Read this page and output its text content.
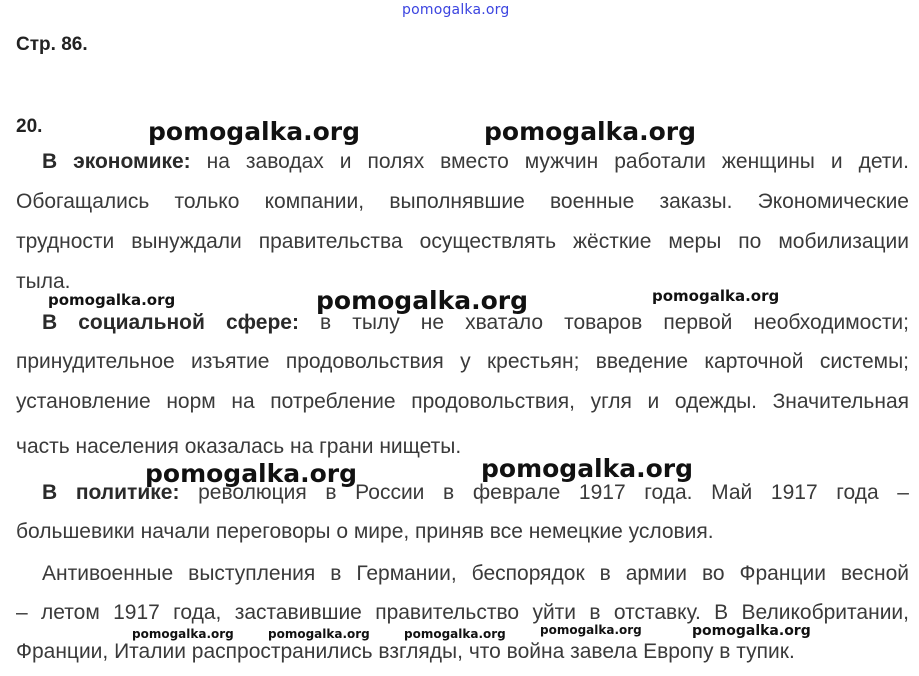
pomogalka.org
Стр. 86.
20.
В экономике: на заводах и полях вместо мужчин работали женщины и дети.
Обогащались только компании, выполнявшие военные заказы. Экономические
трудности вынуждали правительства осуществлять жёсткие меры по мобилизации
тыла.
В социальной сфере: в тылу не хватало товаров первой необходимости;
принудительное изъятие продовольствия у крестьян; введение карточной системы;
установление норм на потребление продовольствия, угля и одежды. Значительная
часть населения оказалась на грани нищеты.
В политике: революция в России в феврале 1917 года. Май 1917 года –
большевики начали переговоры о мире, приняв все немецкие условия.
Антивоенные выступления в Германии, беспорядок в армии во Франции весной
– летом 1917 года, заставившие правительство уйти в отставку. В Великобритании,
Франции, Италии распространились взгляды, что война завела Европу в тупик.
pomogalka.org	pomogalka.org
pomogalka.org	pomogalka.org	pomogalka.org
pomogalka.org	pomogalka.org
pomogalka.org	pomogalka.org	pomogalka.org	pomogalka.org	pomogalka.org
